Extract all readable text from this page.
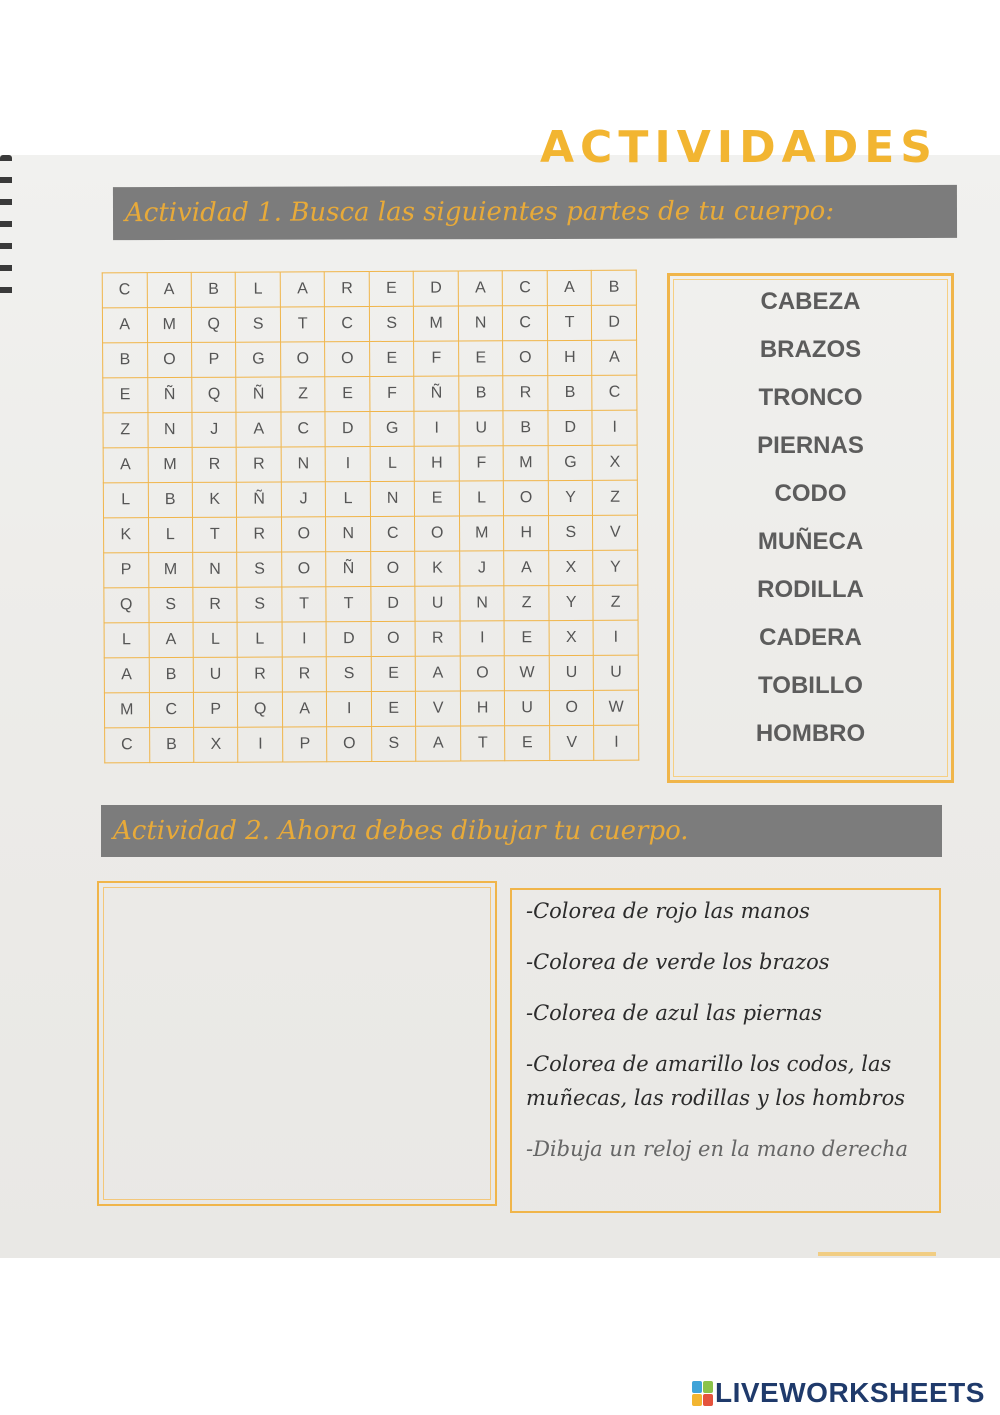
ACTIVIDADES
Actividad 1. Busca las siguientes partes de tu cuerpo:
C	A	B	L	A	R	E	D	A	C	A	B
A	M	Q	S	T	C	S	M	N	C	T	D
B	O	P	G	O	O	E	F	E	O	H	A
E	Ñ	Q	Ñ	Z	E	F	Ñ	B	R	B	C
Z	N	J	A	C	D	G	I	U	B	D	I
A	M	R	R	N	I	L	H	F	M	G	X
L	B	K	Ñ	J	L	N	E	L	O	Y	Z
K	L	T	R	O	N	C	O	M	H	S	V
P	M	N	S	O	Ñ	O	K	J	A	X	Y
Q	S	R	S	T	T	D	U	N	Z	Y	Z
L	A	L	L	I	D	O	R	I	E	X	I
A	B	U	R	R	S	E	A	O	W	U	U
M	C	P	Q	A	I	E	V	H	U	O	W
C	B	X	I	P	O	S	A	T	E	V	I
CABEZA
BRAZOS
TRONCO
PIERNAS
CODO
MUÑECA
RODILLA
CADERA
TOBILLO
HOMBRO
Actividad 2. Ahora debes dibujar tu cuerpo.
-Colorea de rojo las manos
-Colorea de verde los brazos
-Colorea de azul las piernas
-Colorea de amarillo los codos, las muñecas, las rodillas y los hombros
-Dibuja un reloj en la mano derecha
LIVEWORKSHEETS
